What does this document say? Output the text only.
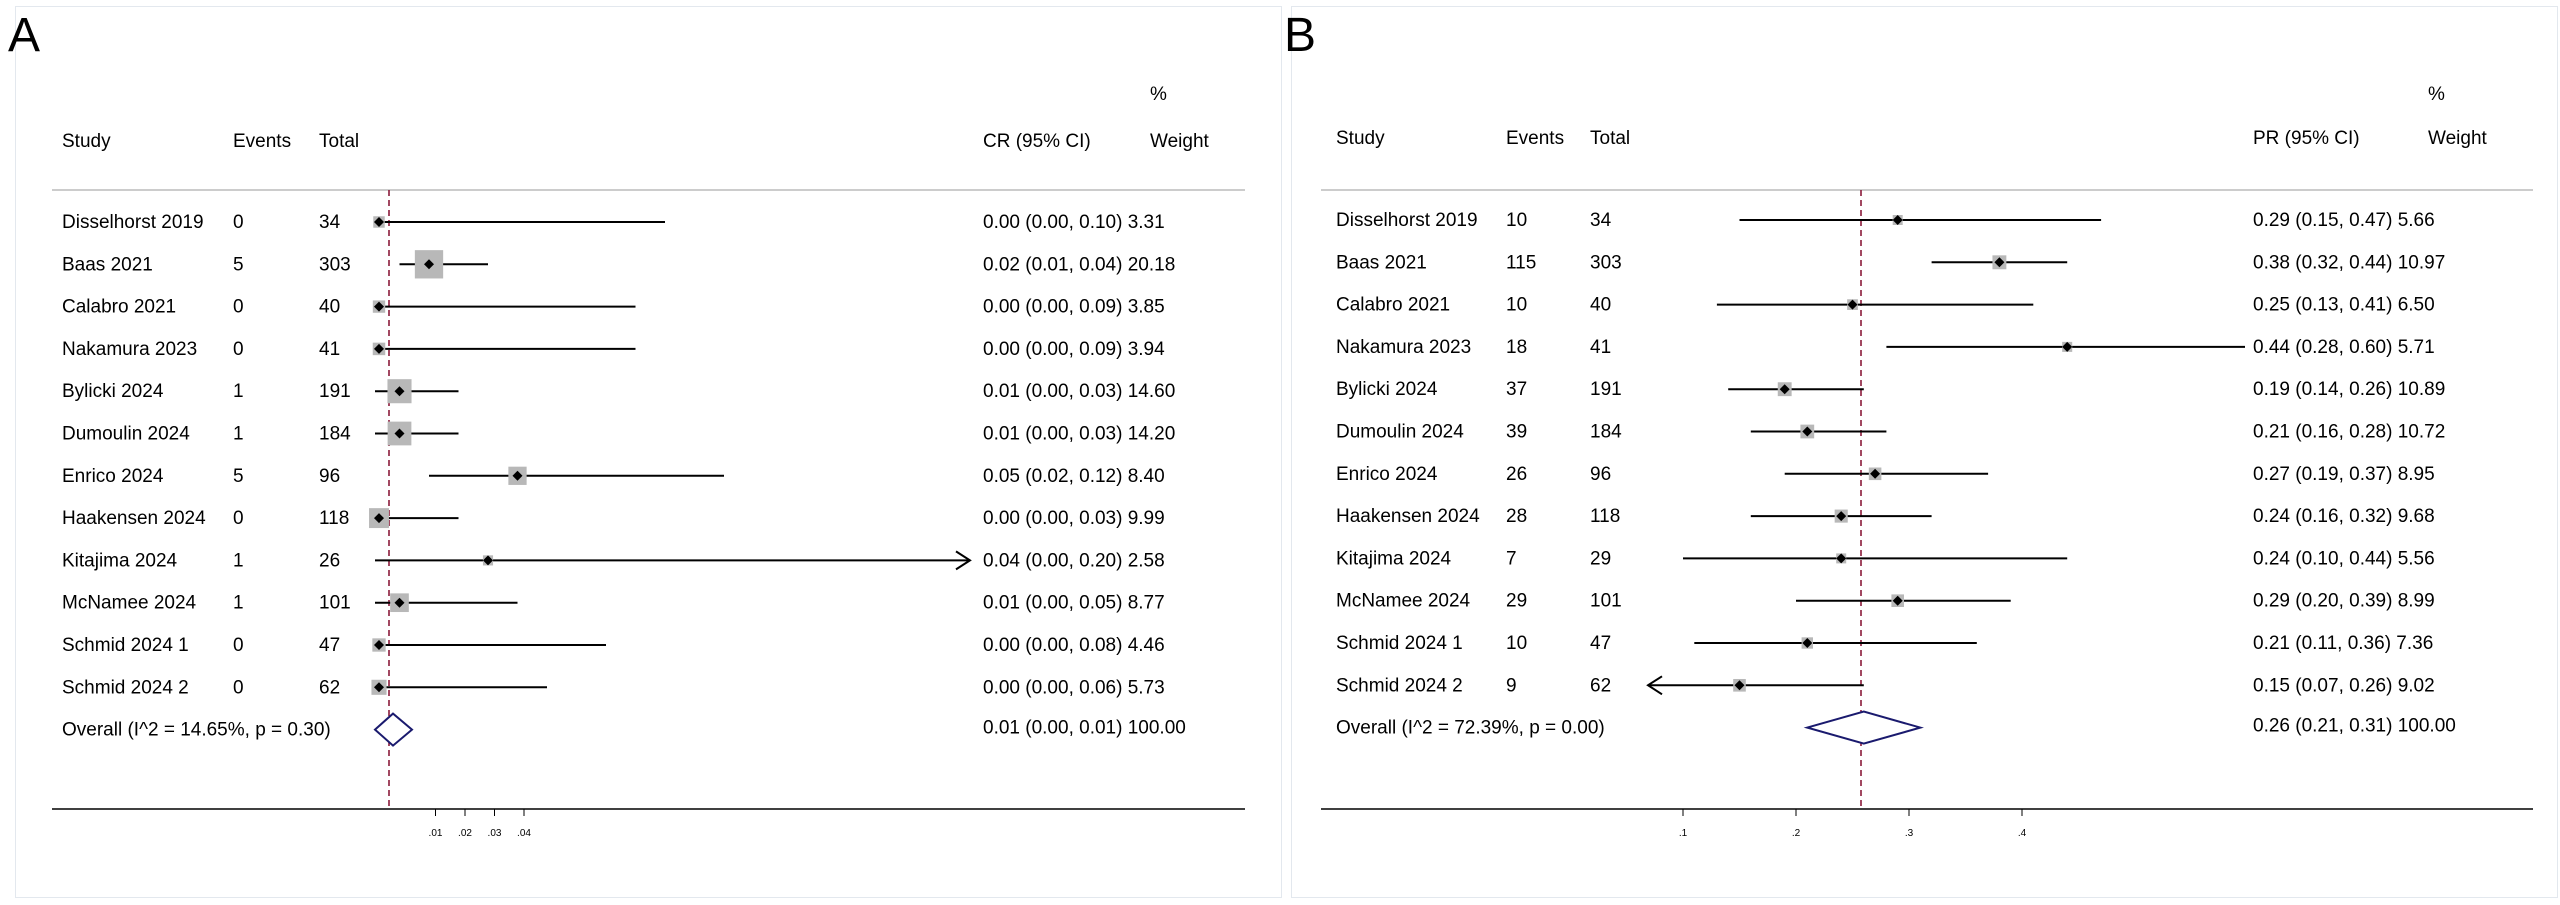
A	B
%
Study	Events Total	CR (95% CI)	Weight
Disselhorst 2019 0	34	0.00 (0.00, 0.10) 3.31
Baas 2021	5	303	0.02 (0.01, 0.04) 20.18
Calabro 2021	0	40	0.00 (0.00, 0.09) 3.85
Nakamura 2023 0	41	0.00 (0.00, 0.09) 3.94
Bylicki 2024	1	191	0.01 (0.00, 0.03) 14.60
Dumoulin 2024 1	184	0.01 (0.00, 0.03) 14.20
Enrico 2024	5	96	0.05 (0.02, 0.12) 8.40
Haakensen 2024 0	118	0.00 (0.00, 0.03) 9.99
Kitajima 2024	1	26	0.04 (0.00, 0.20) 2.58
McNamee 2024 1	101	0.01 (0.00, 0.05) 8.77
Schmid 2024 1 0	47	0.00 (0.00, 0.08) 4.46
Schmid 2024 2 0	62	0.00 (0.00, 0.06) 5.73
Overall (I^2 = 14.65%, p = 0.30)	0.01 (0.00, 0.01) 100.00
.01 .02 .03 .04
%
Study	Events Total	PR (95% CI)	Weight
Disselhorst 2019 10	34	0.29 (0.15, 0.47) 5.66
Baas 2021	115	303	0.38 (0.32, 0.44) 10.97
Calabro 2021	10	40	0.25 (0.13, 0.41) 6.50
Nakamura 2023 18	41	0.44 (0.28, 0.60) 5.71
Bylicki 2024	37	191	0.19 (0.14, 0.26) 10.89
Dumoulin 2024 39	184	0.21 (0.16, 0.28) 10.72
Enrico 2024	26	96	0.27 (0.19, 0.37) 8.95
Haakensen 2024 28	118	0.24 (0.16, 0.32) 9.68
Kitajima 2024	7	29	0.24 (0.10, 0.44) 5.56
McNamee 2024 29	101	0.29 (0.20, 0.39) 8.99
Schmid 2024 1 10	47	0.21 (0.11, 0.36) 7.36
Schmid 2024 2 9	62	0.15 (0.07, 0.26) 9.02
Overall (I^2 = 72.39%, p = 0.00)	0.26 (0.21, 0.31) 100.00
.1	.2	.3	.4
